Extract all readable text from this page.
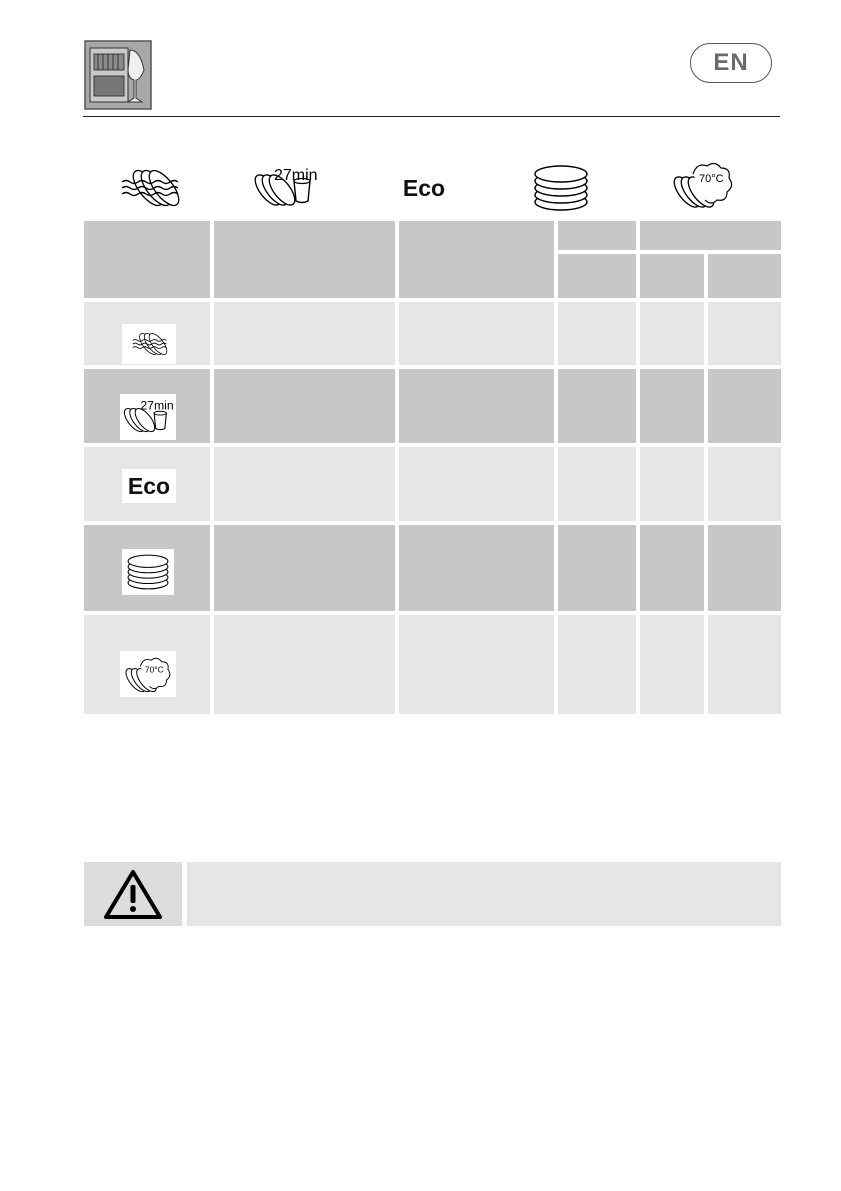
EN
27min	Eco	70°C
27min
Eco
70°C
